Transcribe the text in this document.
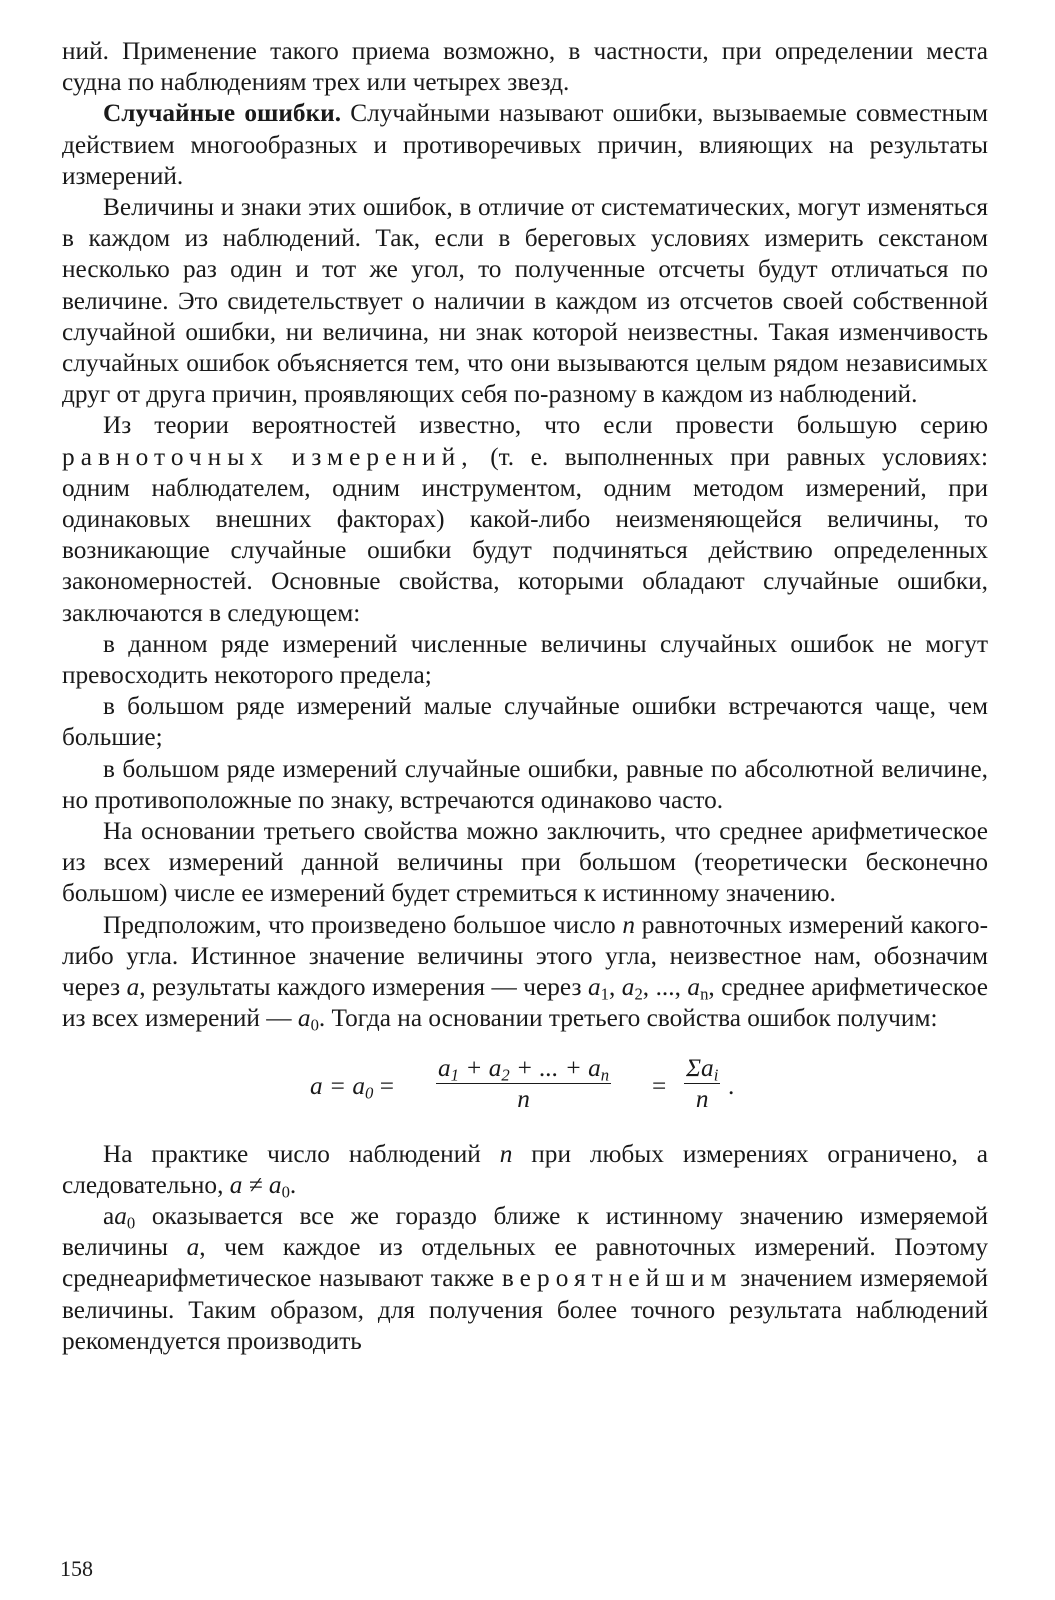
ний. Применение такого приема возможно, в частности, при определении места судна по наблюдениям трех или четырех звезд.

Случайные ошибки. Случайными называют ошибки, вызываемые совместным действием многообразных и противоречивых причин, влияющих на результаты измерений.

Величины и знаки этих ошибок, в отличие от систематических, могут изменяться в каждом из наблюдений. Так, если в береговых условиях измерить секстаном несколько раз один и тот же угол, то полученные отсчеты будут отличаться по величине. Это свидетельствует о наличии в каждом из отсчетов своей собственной случайной ошибки, ни величина, ни знак которой неизвестны. Такая изменчивость случайных ошибок объясняется тем, что они вызываются целым рядом независимых друг от друга причин, проявляющих себя по-разному в каждом из наблюдений.

Из теории вероятностей известно, что если провести большую серию равноточных измерений, (т. е. выполненных при равных условиях: одним наблюдателем, одним инструментом, одним методом измерений, при одинаковых внешних факторах) какой-либо неизменяющейся величины, то возникающие случайные ошибки будут подчиняться действию определенных закономерностей. Основные свойства, которыми обладают случайные ошибки, заключаются в следующем:

в данном ряде измерений численные величины случайных ошибок не могут превосходить некоторого предела;

в большом ряде измерений малые случайные ошибки встречаются чаще, чем большие;

в большом ряде измерений случайные ошибки, равные по абсолютной величине, но противоположные по знаку, встречаются одинаково часто.

На основании третьего свойства можно заключить, что среднее арифметическое из всех измерений данной величины при большом (теоретически бесконечно большом) числе ее измерений будет стремиться к истинному значению.

Предположим, что произведено большое число n равноточных измерений какого-либо угла. Истинное значение величины этого угла, неизвестное нам, обозначим через a, результаты каждого измерения — через $a_1$, $a_2$, ..., $a_n$, среднее арифметическое из всех измерений — $a_0$. Тогда на основании третьего свойства ошибок получим:

$a = a_0 = \frac{a_1 + a_2 + ... + a_n}{n}$ =
$\Sigma a_i$
n .

На практике число наблюдений n при любых измерениях ограничено, а следовательно, $a \ne a_0$.

$aa_0$ оказывается все же гораздо ближе к истинному значению измеряемой величины a, чем каждое из отдельных ее равноточных измерений. Поэтому среднеарифметическое называют также вероятнейшим значением измеряемой величины. Таким образом, для получения более точного результата наблюдений рекомендуется производить

158
